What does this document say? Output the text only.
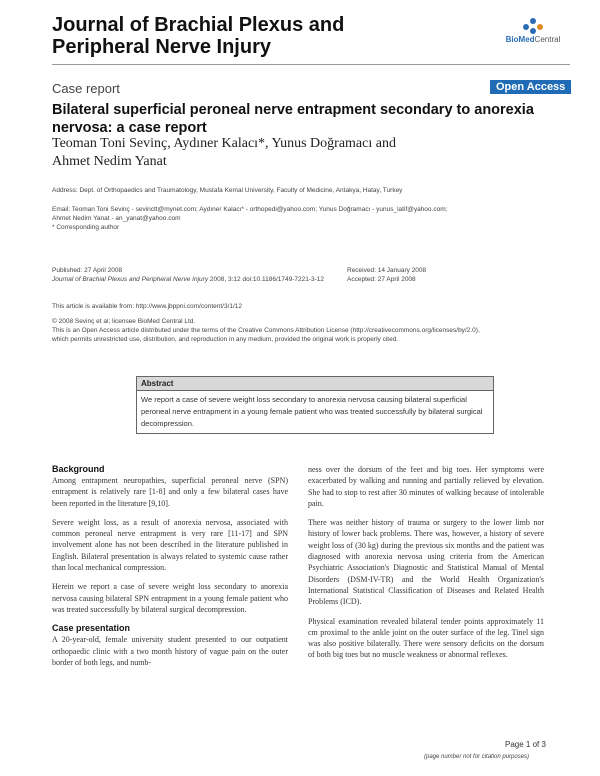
Journal of Brachial Plexus and
Peripheral Nerve Injury	BioMedCentral
Case report	Open Access
Bilateral superficial peroneal nerve entrapment secondary to anorexia nervosa: a case report
Teoman Toni Sevinç, Aydıner Kalacı*, Yunus Doğramacı and
Ahmet Nedim Yanat
Address: Dept. of Orthopaedics and Traumatology, Mustafa Kemal University, Faculty of Medicine, Antakya, Hatay, Turkey
Email: Teoman Toni Sevinç - sevinctt@mynet.com; Aydıner Kalacı* - orthopedi@yahoo.com; Yunus Doğramacı - yunus_latif@yahoo.com;
Ahmet Nedim Yanat - an_yanat@yahoo.com
* Corresponding author
Published: 27 April 2008
Journal of Brachial Plexus and Peripheral Nerve Injury 2008, 3:12 doi:10.1186/1749-7221-3-12
Received: 14 January 2008
Accepted: 27 April 2008
This article is available from: http://www.jbppni.com/content/3/1/12
© 2008 Sevinç et al; licensee BioMed Central Ltd.
This is an Open Access article distributed under the terms of the Creative Commons Attribution License (http://creativecommons.org/licenses/by/2.0),
which permits unrestricted use, distribution, and reproduction in any medium, provided the original work is properly cited.
Abstract
We report a case of severe weight loss secondary to anorexia nervosa causing bilateral superficial peroneal nerve entrapment in a young female patient who was treated successfully by bilateral surgical decompression.
Background

Among entrapment neuropathies, superficial peroneal nerve (SPN) entrapment is relatively rare [1-8] and only a few bilateral cases have been reported in the literature [9,10].

Severe weight loss, as a result of anorexia nervosa, associated with common peroneal nerve entrapment is very rare [11-17] and SPN involvement alone has not been described in the literature published in English. Bilateral presentation is always related to systemic cause rather than local mechanical compression.

Herein we report a case of severe weight loss secondary to anorexia nervosa causing bilateral SPN entrapment in a young female patient who was treated successfully by bilateral surgical decompression.

Case presentation

A 20-year-old, female university student presented to our outpatient orthopaedic clinic with a two month history of vague pain on the outer border of both legs, and numb-

ness over the dorsum of the feet and big toes. Her symptoms were exacerbated by walking and running and partially relieved by elevation. She had to stop to rest after 30 minutes of walking because of intolerable pain.

There was neither history of trauma or surgery to the lower limb nor history of lower back problems. There was, however, a history of severe weight loss of (30 kg) during the previous six months and the patient was diagnosed with anorexia nervosa using criteria from the American Psychiatric Association's Diagnostic and Statistical Manual of Mental Disorders (DSM-IV-TR) and the World Health Organization's International Statistical Classification of Diseases and Related Health Problems (ICD).

Physical examination revealed bilateral tender points approximately 11 cm proximal to the ankle joint on the outer surface of the leg. Tinel sign was also positive bilaterally. There were sensory deficits on the dorsum of both big toes but no muscle weakness or abnormal reflexes.

Page 1 of 3
(page number not for citation purposes)
